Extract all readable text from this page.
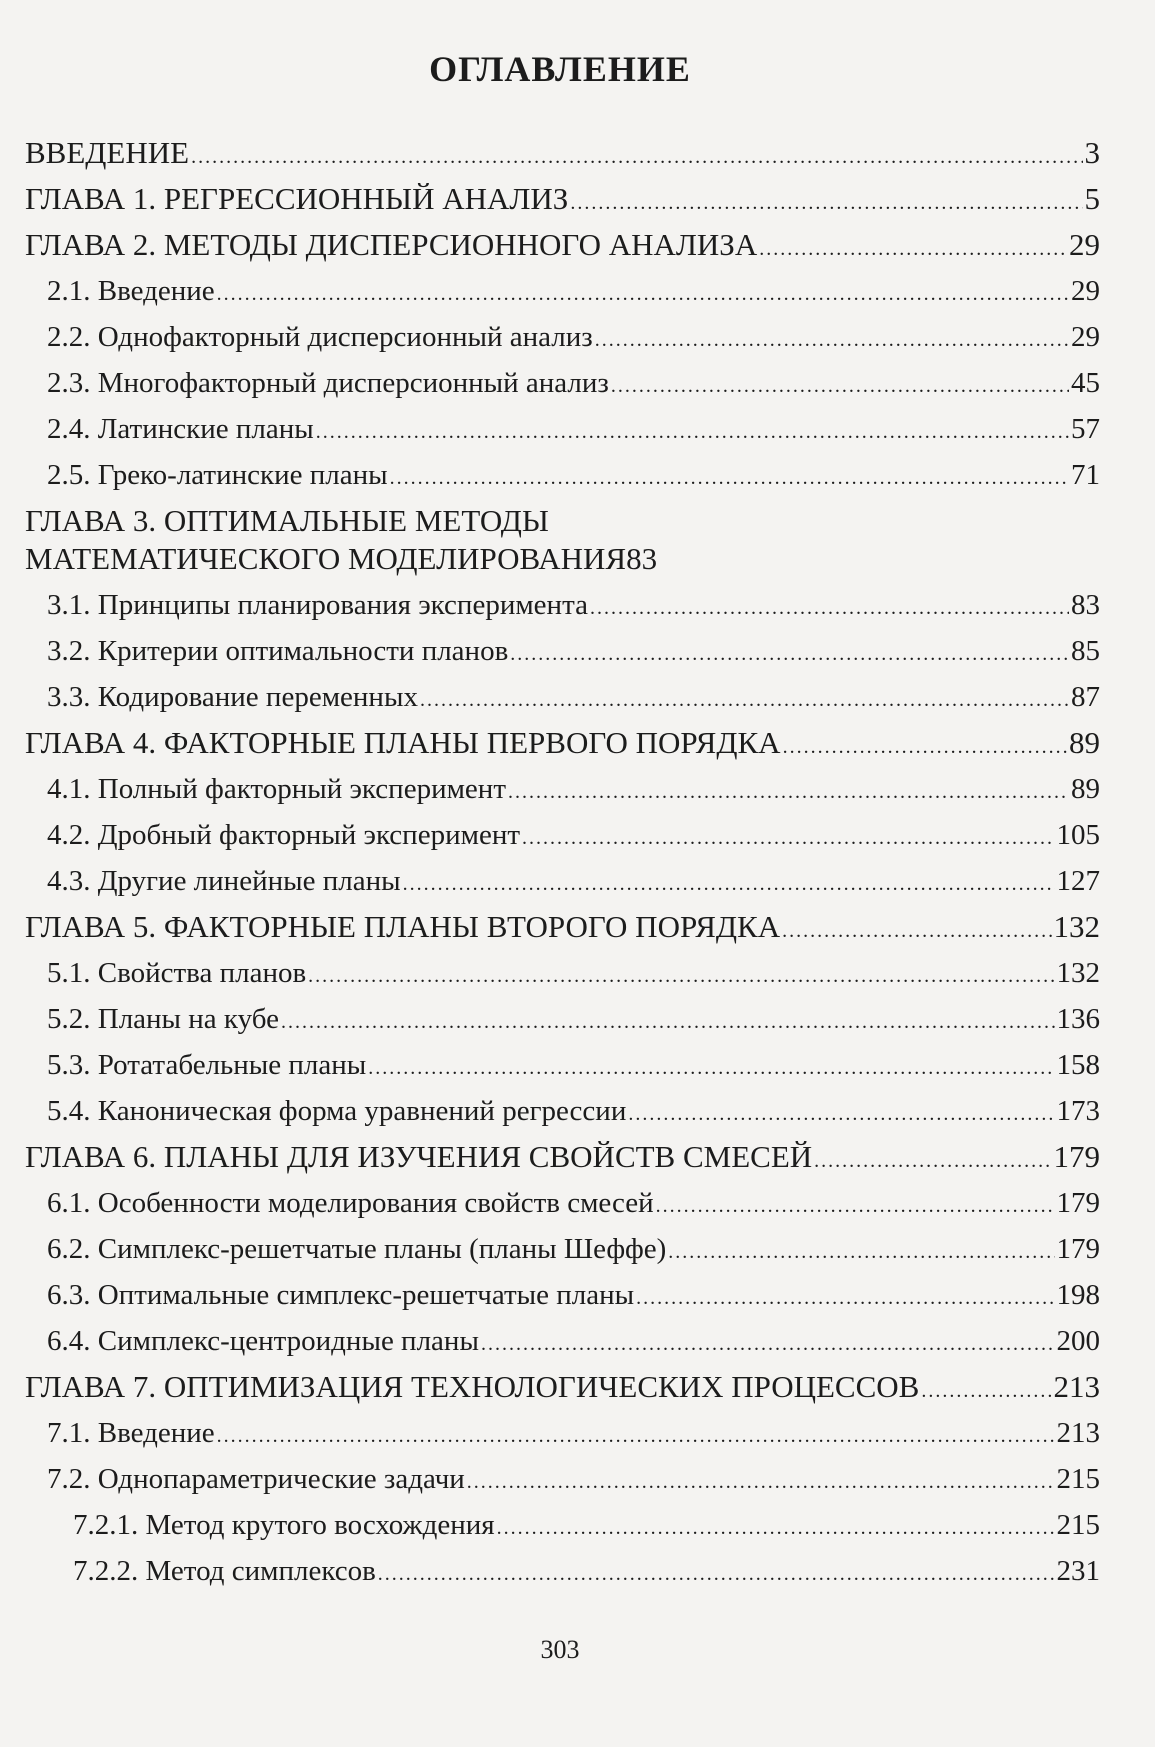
ОГЛАВЛЕНИЕ
ВВЕДЕНИЕ .....	3
ГЛАВА 1. РЕГРЕССИОННЫЙ АНАЛИЗ .....	5
ГЛАВА 2. МЕТОДЫ ДИСПЕРСИОННОГО АНАЛИЗА .....	29
2.1. Введение .....	29
2.2. Однофакторный дисперсионный анализ .....	29
2.3. Многофакторный дисперсионный анализ .....	45
2.4. Латинские планы .....	57
2.5. Греко-латинские планы .....	71
ГЛАВА 3. ОПТИМАЛЬНЫЕ МЕТОДЫ
МАТЕМАТИЧЕСКОГО МОДЕЛИРОВАНИЯ 83
3.1. Принципы планирования эксперимента .....	83
3.2. Критерии оптимальности планов .....	85
3.3. Кодирование переменных .....	87
ГЛАВА 4. ФАКТОРНЫЕ ПЛАНЫ ПЕРВОГО ПОРЯДКА .....	89
4.1. Полный факторный эксперимент .....	89
4.2. Дробный факторный эксперимент .....	105
4.3. Другие линейные планы .....	127
ГЛАВА 5. ФАКТОРНЫЕ ПЛАНЫ ВТОРОГО ПОРЯДКА .....	132
5.1. Свойства планов .....	132
5.2. Планы на кубе .....	136
5.3. Ротатабельные планы .....	158
5.4. Каноническая форма уравнений регрессии .....	173
ГЛАВА 6. ПЛАНЫ ДЛЯ ИЗУЧЕНИЯ СВОЙСТВ СМЕСЕЙ .....	179
6.1. Особенности моделирования свойств смесей .....	179
6.2. Симплекс-решетчатые планы (планы Шеффе) .....	179
6.3. Оптимальные симплекс-решетчатые планы .....	198
6.4. Симплекс-центроидные планы .....	200
ГЛАВА 7. ОПТИМИЗАЦИЯ ТЕХНОЛОГИЧЕСКИХ ПРОЦЕССОВ .....	213
7.1. Введение .....	213
7.2. Однопараметрические задачи .....	215
7.2.1. Метод крутого восхождения .....	215
7.2.2. Метод симплексов .....	231
303
